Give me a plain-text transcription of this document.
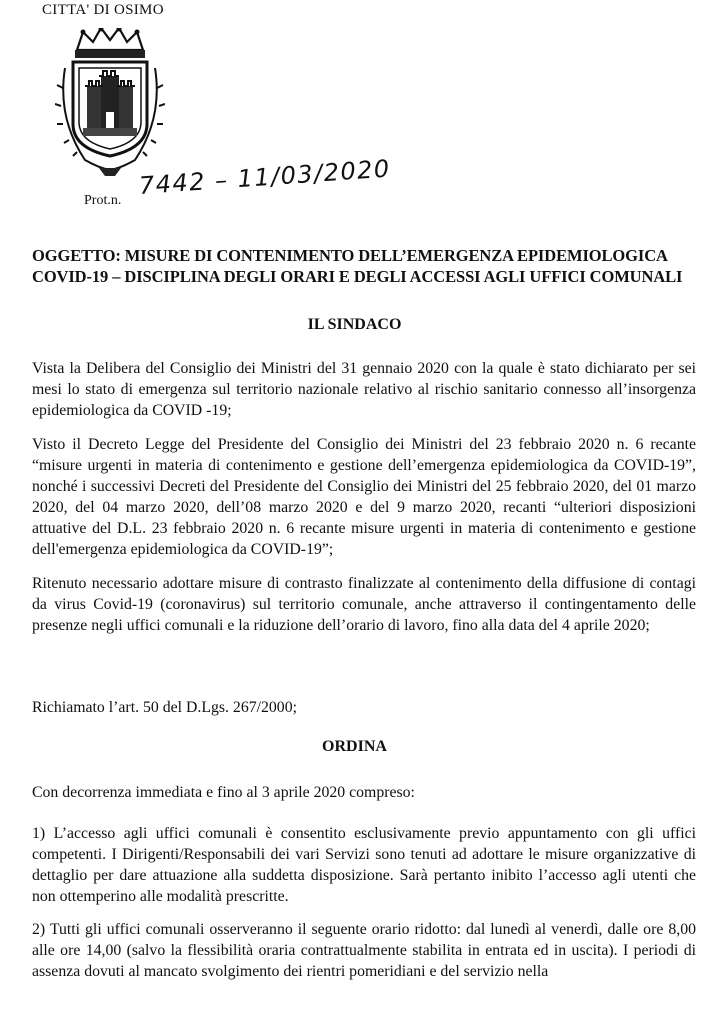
CITTA' DI OSIMO
Prot.n.
7442 – 11/03/2020
OGGETTO: MISURE DI CONTENIMENTO DELL’EMERGENZA EPIDEMIOLOGICA COVID-19 – DISCIPLINA DEGLI ORARI E DEGLI ACCESSI AGLI UFFICI COMUNALI
IL SINDACO
Vista la Delibera del Consiglio dei Ministri del 31 gennaio 2020 con la quale è stato dichiarato per sei mesi lo stato di emergenza sul territorio nazionale relativo al rischio sanitario connesso all’insorgenza epidemiologica da COVID -19;
Visto il Decreto Legge del Presidente del Consiglio dei Ministri del 23 febbraio 2020 n. 6 recante “misure urgenti in materia di contenimento e gestione dell’emergenza epidemiologica da COVID-19”, nonché i successivi Decreti del Presidente del Consiglio dei Ministri del 25 febbraio 2020, del 01 marzo 2020, del 04 marzo 2020, dell’08 marzo 2020 e del 9 marzo 2020, recanti “ulteriori disposizioni attuative del D.L. 23 febbraio 2020 n. 6 recante misure urgenti in materia di contenimento e gestione dell'emergenza epidemiologica da COVID-19”;
Ritenuto necessario adottare misure di contrasto finalizzate al contenimento della diffusione di contagi da virus Covid-19 (coronavirus) sul territorio comunale, anche attraverso il contingentamento delle presenze negli uffici comunali e la riduzione dell’orario di lavoro, fino alla data del 4 aprile 2020;
Richiamato l’art. 50 del D.Lgs. 267/2000;
ORDINA
Con decorrenza immediata e fino al 3 aprile 2020 compreso:
1) L’accesso agli uffici comunali è consentito esclusivamente previo appuntamento con gli uffici competenti. I Dirigenti/Responsabili dei vari Servizi sono tenuti ad adottare le misure organizzative di dettaglio per dare attuazione alla suddetta disposizione. Sarà pertanto inibito l’accesso agli utenti che non ottemperino alle modalità prescritte.
2) Tutti gli uffici comunali osserveranno il seguente orario ridotto: dal lunedì al venerdì, dalle ore 8,00 alle ore 14,00 (salvo la flessibilità oraria contrattualmente stabilita in entrata ed in uscita). I periodi di assenza dovuti al mancato svolgimento dei rientri pomeridiani e del servizio nella
